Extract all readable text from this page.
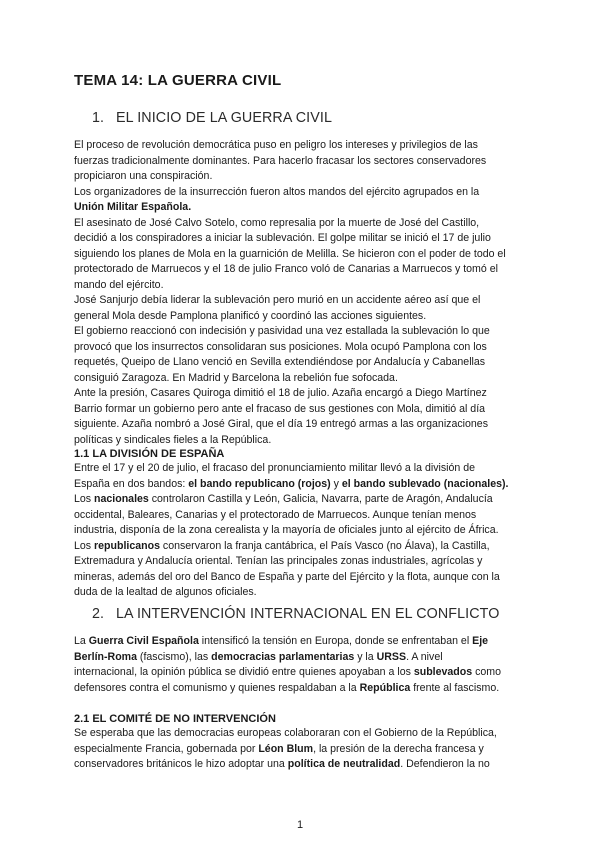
TEMA 14: LA GUERRA CIVIL
1. EL INICIO DE LA GUERRA CIVIL
El proceso de revolución democrática puso en peligro los intereses y privilegios de las
fuerzas tradicionalmente dominantes. Para hacerlo fracasar los sectores conservadores
propiciaron una conspiración.
Los organizadores de la insurrección fueron altos mandos del ejército agrupados en la
Unión Militar Española.
El asesinato de José Calvo Sotelo, como represalia por la muerte de José del Castillo,
decidió a los conspiradores a iniciar la sublevación. El golpe militar se inició el 17 de julio
siguiendo los planes de Mola en la guarnición de Melilla. Se hicieron con el poder de todo el
protectorado de Marruecos y el 18 de julio Franco voló de Canarias a Marruecos y tomó el
mando del ejército.
José Sanjurjo debía liderar la sublevación pero murió en un accidente aéreo así que el
general Mola desde Pamplona planificó y coordinó las acciones siguientes.
El gobierno reaccionó con indecisión y pasividad una vez estallada la sublevación lo que
provocó que los insurrectos consolidaran sus posiciones. Mola ocupó Pamplona con los
requetés, Queipo de Llano venció en Sevilla extendiéndose por Andalucía y Cabanellas
consiguió Zaragoza. En Madrid y Barcelona la rebelión fue sofocada.
Ante la presión, Casares Quiroga dimitió el 18 de julio. Azaña encargó a Diego Martínez
Barrio formar un gobierno pero ante el fracaso de sus gestiones con Mola, dimitió al día
siguiente. Azaña nombró a José Giral, que el día 19 entregó armas a las organizaciones
políticas y sindicales fieles a la República.
1.1 LA DIVISIÓN DE ESPAÑA
Entre el 17 y el 20 de julio, el fracaso del pronunciamiento militar llevó a la división de
España en dos bandos: el bando republicano (rojos) y el bando sublevado (nacionales).
Los nacionales controlaron Castilla y León, Galicia, Navarra, parte de Aragón, Andalucía
occidental, Baleares, Canarias y el protectorado de Marruecos. Aunque tenían menos
industria, disponía de la zona cerealista y la mayoría de oficiales junto al ejército de África.
Los republicanos conservaron la franja cantábrica, el País Vasco (no Álava), la Castilla,
Extremadura y Andalucía oriental. Tenían las principales zonas industriales, agrícolas y
mineras, además del oro del Banco de España y parte del Ejército y la flota, aunque con la
duda de la lealtad de algunos oficiales.
2. LA INTERVENCIÓN INTERNACIONAL EN EL CONFLICTO
La Guerra Civil Española intensificó la tensión en Europa, donde se enfrentaban el Eje
Berlín-Roma (fascismo), las democracias parlamentarias y la URSS. A nivel
internacional, la opinión pública se dividió entre quienes apoyaban a los sublevados como
defensores contra el comunismo y quienes respaldaban a la República frente al fascismo.
2.1 EL COMITÉ DE NO INTERVENCIÓN
Se esperaba que las democracias europeas colaboraran con el Gobierno de la República,
especialmente Francia, gobernada por Léon Blum, la presión de la derecha francesa y
conservadores británicos le hizo adoptar una política de neutralidad. Defendieron la no
1
